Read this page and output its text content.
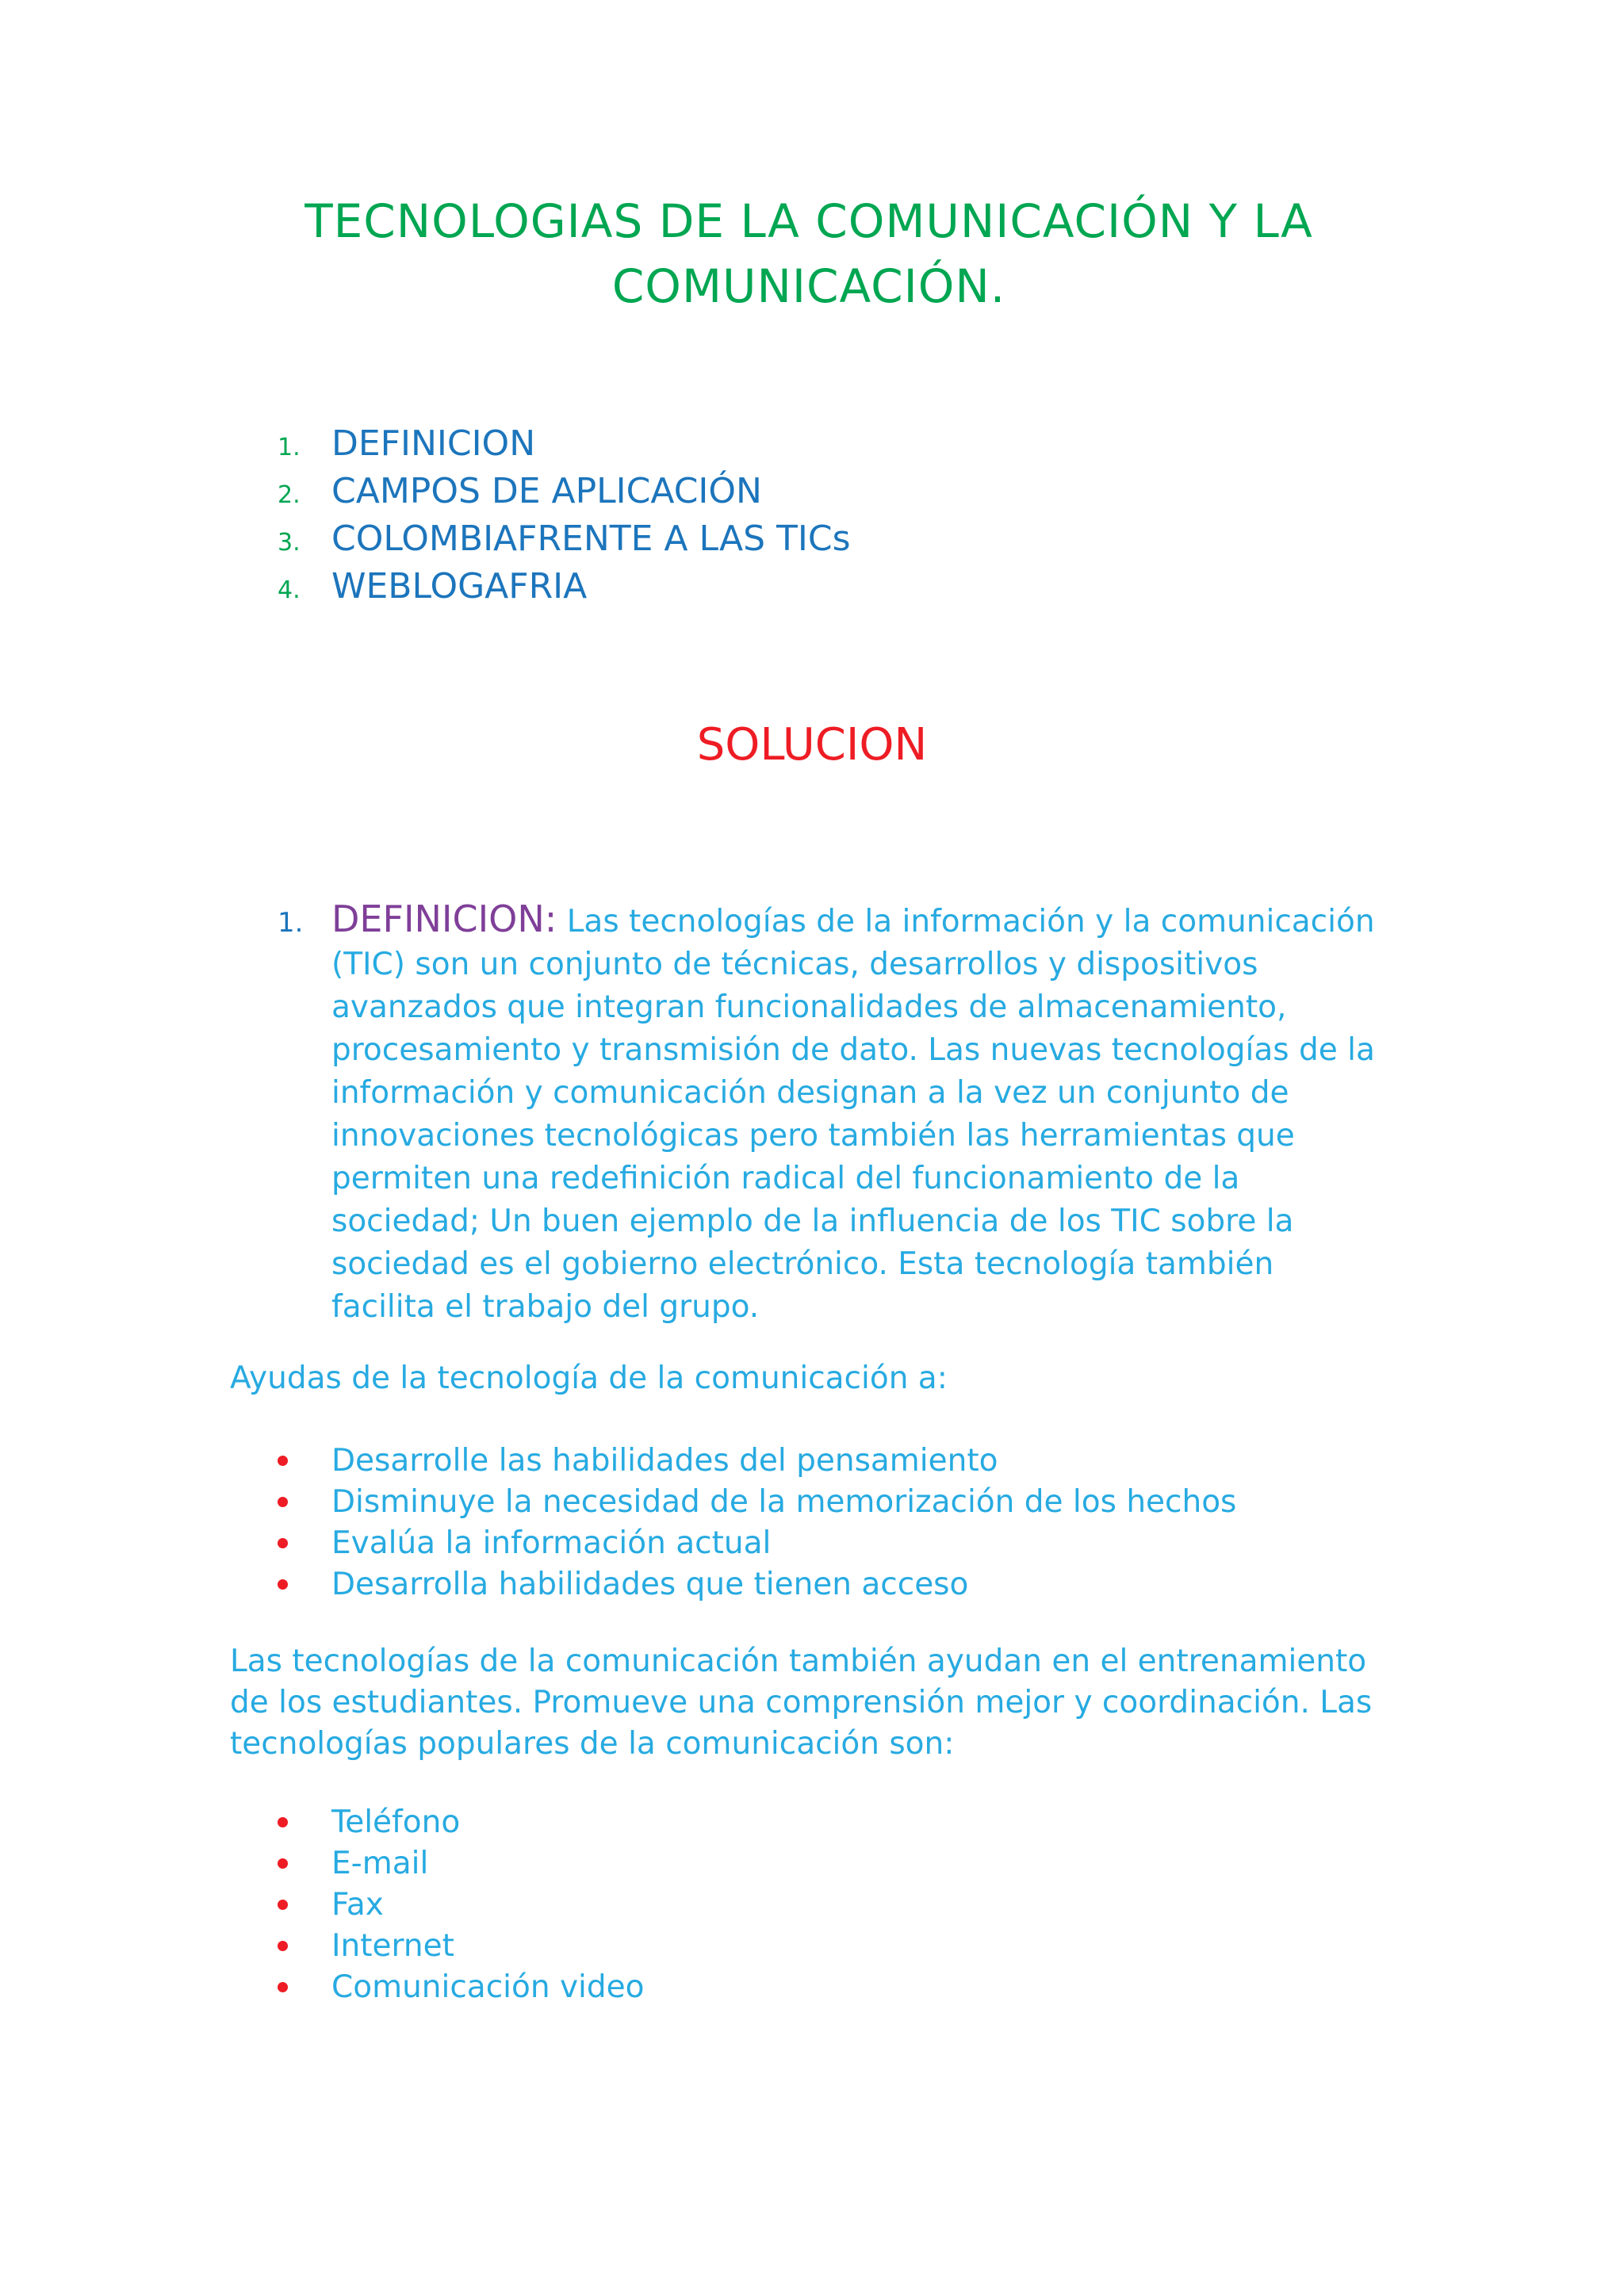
TECNOLOGIAS DE LA COMUNICACIÓN Y LA
COMUNICACIÓN.
1. DEFINICION
2. CAMPOS DE APLICACIÓN
3. COLOMBIAFRENTE A LAS TICs
4. WEBLOGAFRIA
SOLUCION
1. DEFINICION: Las tecnologías de la información y la comunicación (TIC) son un conjunto de técnicas, desarrollos y dispositivos avanzados que integran funcionalidades de almacenamiento, procesamiento y transmisión de dato. Las nuevas tecnologías de la información y comunicación designan a la vez un conjunto de innovaciones tecnológicas pero también las herramientas que permiten una redefinición radical del funcionamiento de la sociedad; Un buen ejemplo de la influencia de los TIC sobre la sociedad es el gobierno electrónico. Esta tecnología también facilita el trabajo del grupo.

Ayudas de la tecnología de la comunicación a:

Desarrolle las habilidades del pensamiento
Disminuye la necesidad de la memorización de los hechos
Evalúa la información actual
Desarrolla habilidades que tienen acceso

Las tecnologías de la comunicación también ayudan en el entrenamiento de los estudiantes. Promueve una comprensión mejor y coordinación. Las tecnologías populares de la comunicación son:

Teléfono
E-mail
Fax
Internet
Comunicación video
